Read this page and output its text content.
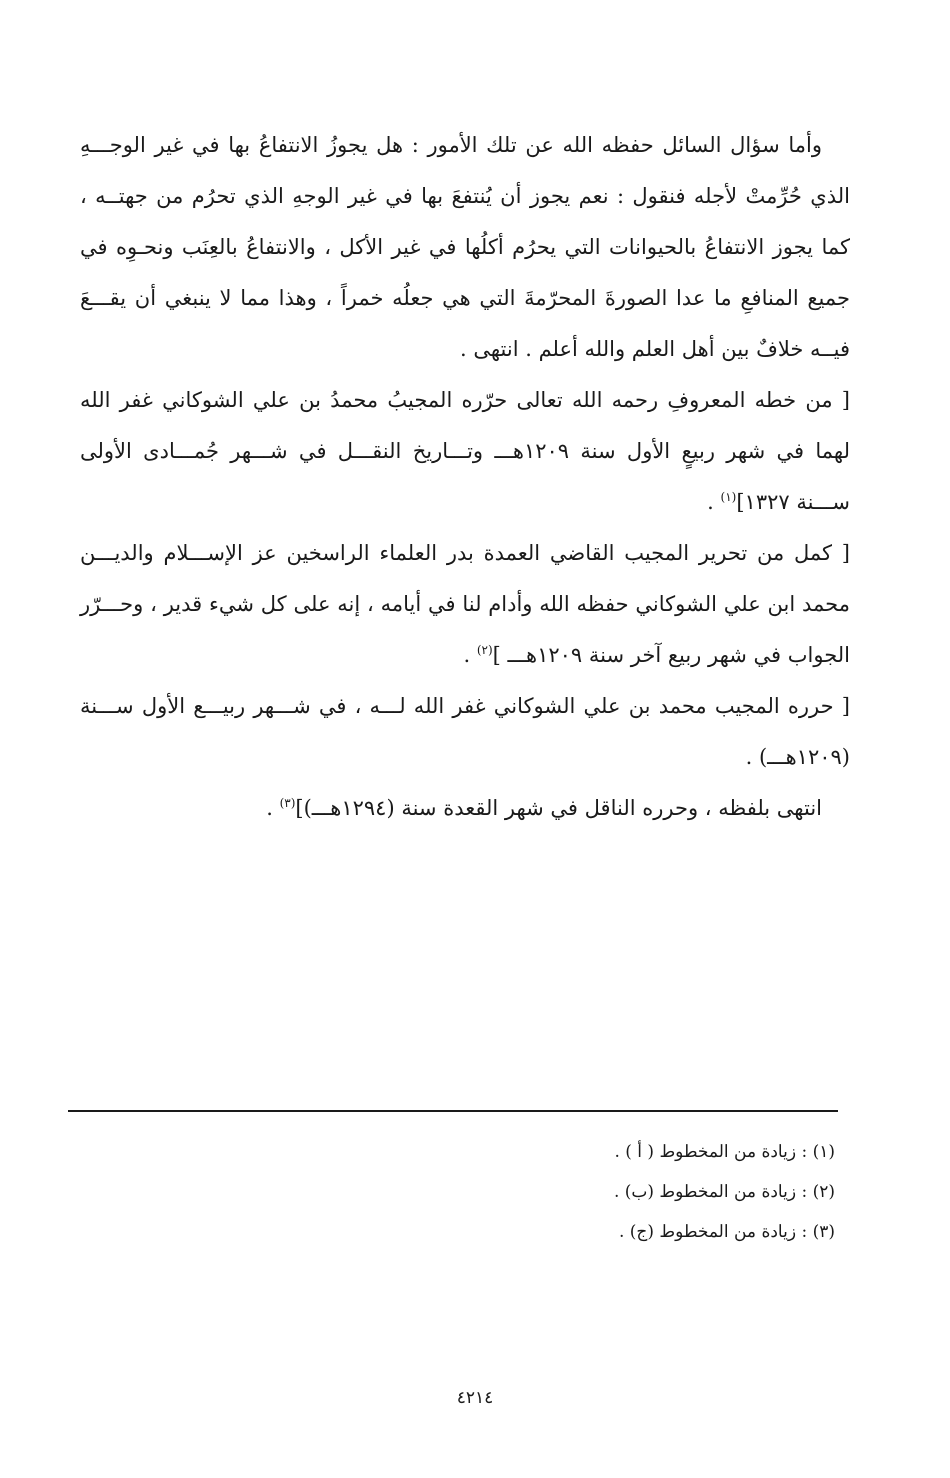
وأما سؤال السائل حفظه الله عن تلك الأمور : هل يجوزُ الانتفاعُ بها في غير الوجـــهِ الذي حُرِّمتْ لأجله فنقول : نعم يجوز أن يُنتفعَ بها في غير الوجهِ الذي تحرُم من جهتــه ، كما يجوز الانتفاعُ بالحيوانات التي يحرُم أكلُها في غير الأكل ، والانتفاعُ بالعِنَب ونحـوِه في جميع المنافعِ ما عدا الصورةَ المحرّمةَ التي هي جعلُه خمراً ، وهذا مما لا ينبغي أن يقـــعَ فيــه خلافٌ بين أهل العلم والله أعلم . انتهى .

[ من خطه المعروفِ رحمه الله تعالى حرّره المجيبُ محمدُ بن علي الشوكاني غفر الله لهما في شهر ربيعٍ الأول سنة ١٢٠٩هـــ وتـــاريخ النقـــل في شـــهر جُمـــادى الأولى ســـنة ١٣٢٧]$^{(١)}$ .

[ كمل من تحرير المجيب القاضي العمدة بدر العلماء الراسخين عز الإســـلام والديـــن محمد ابن علي الشوكاني حفظه الله وأدام لنا في أيامه ، إنه على كل شيء قدير ، وحـــرّر الجواب في شهر ربيع آخر سنة ١٢٠٩هـــ ]$^{(٢)}$ .

[ حرره المجيب محمد بن علي الشوكاني غفر الله لـــه ، في شـــهر ربيـــع الأول ســـنة (١٢٠٩هـــ) .

انتهى بلفظه ، وحرره الناقل في شهر القعدة سنة (١٢٩٤هـــ)]$^{(٣)}$ .

(١) : زيادة من المخطوط ( أ ) .

(٢) : زيادة من المخطوط (ب) .

(٣) : زيادة من المخطوط (ج) .

٤٢١٤
